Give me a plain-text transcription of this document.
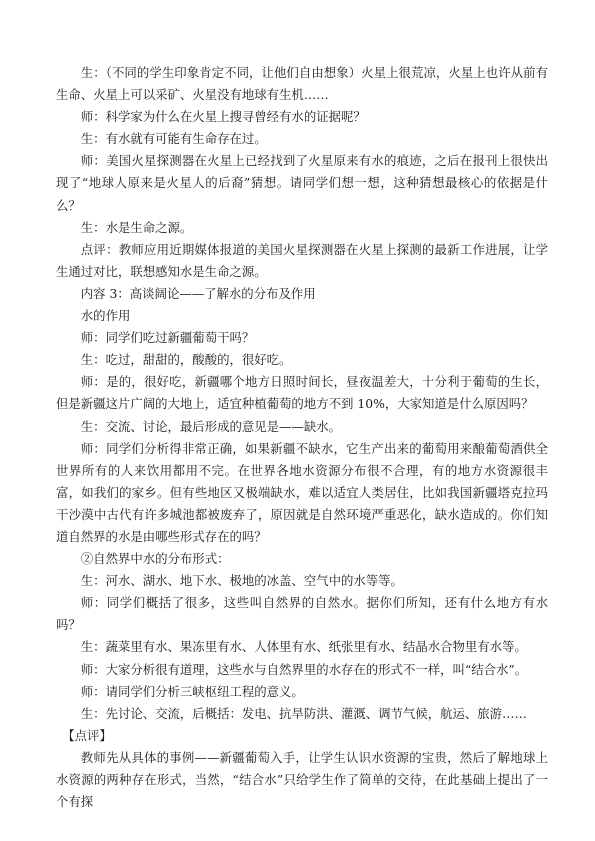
生：（不同的学生印象肯定不同，让他们自由想象）火星上很荒凉，火星上也许从前有生命、火星上可以采矿、火星没有地球有生机……

师：科学家为什么在火星上搜寻曾经有水的证据呢？

生：有水就有可能有生命存在过。

师：美国火星探测器在火星上已经找到了火星原来有水的痕迹，之后在报刊上很快出现了“地球人原来是火星人的后裔”猜想。请同学们想一想，这种猜想最核心的依据是什么？

生：水是生命之源。

点评：教师应用近期媒体报道的美国火星探测器在火星上探测的最新工作进展，让学生通过对比，联想感知水是生命之源。

内容 3：高谈阔论——了解水的分布及作用

水的作用

师：同学们吃过新疆葡萄干吗？

生：吃过，甜甜的，酸酸的，很好吃。

师：是的，很好吃，新疆哪个地方日照时间长，昼夜温差大，十分利于葡萄的生长，但是新疆这片广阔的大地上，适宜种植葡萄的地方不到 10%，大家知道是什么原因吗？

生：交流、讨论，最后形成的意见是——缺水。

师：同学们分析得非常正确，如果新疆不缺水，它生产出来的葡萄用来酿葡萄酒供全世界所有的人来饮用都用不完。在世界各地水资源分布很不合理，有的地方水资源很丰富，如我们的家乡。但有些地区又极端缺水，难以适宜人类居住，比如我国新疆塔克拉玛干沙漠中古代有许多城池都被废弃了，原因就是自然环境严重恶化，缺水造成的。你们知道自然界的水是由哪些形式存在的吗？

②自然界中水的分布形式：

生：河水、湖水、地下水、极地的冰盖、空气中的水等等。

师：同学们概括了很多，这些叫自然界的自然水。据你们所知，还有什么地方有水吗？

生：蔬菜里有水、果冻里有水、人体里有水、纸张里有水、结晶水合物里有水等。

师：大家分析很有道理，这些水与自然界里的水存在的形式不一样，叫“结合水”。

师：请同学们分析三峡枢纽工程的意义。

生：先讨论、交流，后概括：发电、抗旱防洪、灌溉、调节气候，航运、旅游……

【点评】

教师先从具体的事例——新疆葡萄入手，让学生认识水资源的宝贵，然后了解地球上水资源的两种存在形式，当然，“结合水”只给学生作了简单的交待，在此基础上提出了一个有探
